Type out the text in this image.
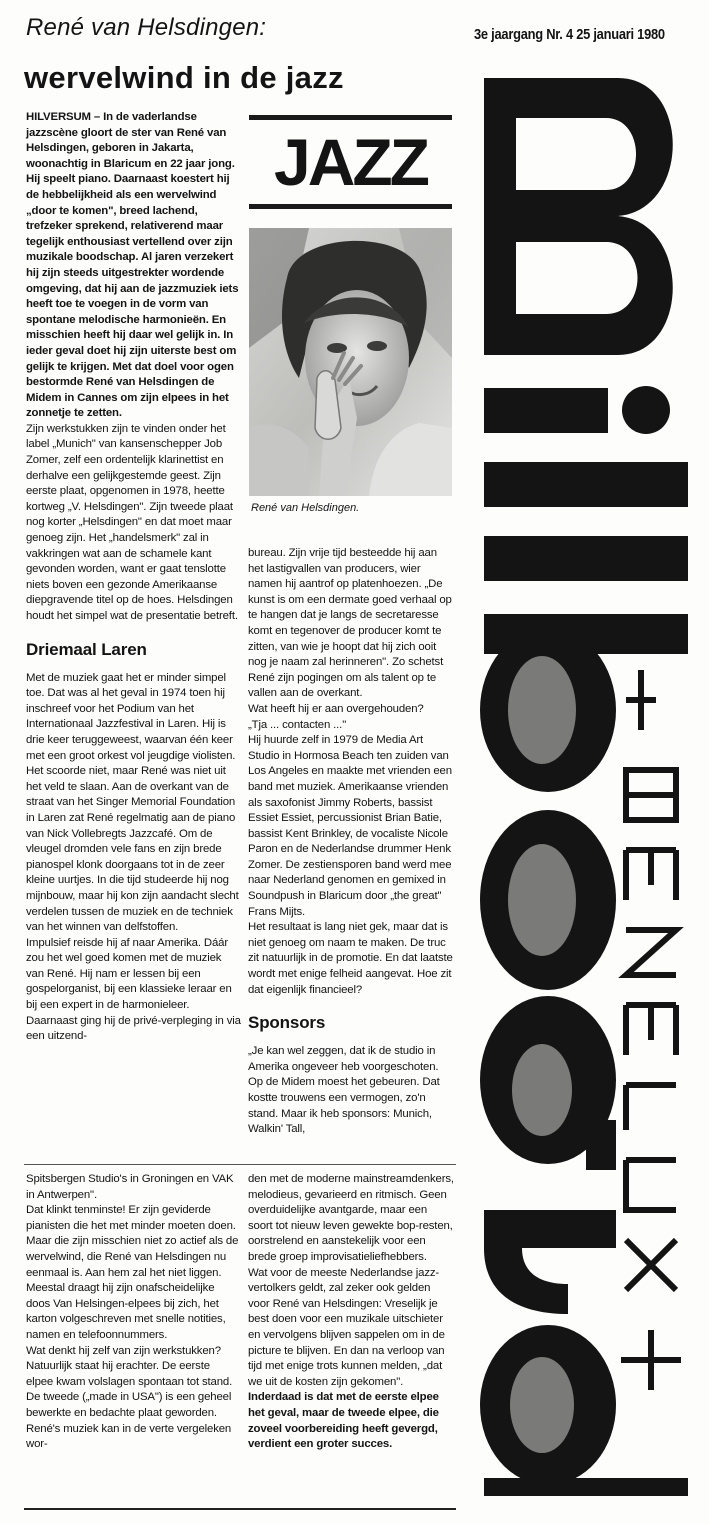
René van Helsdingen:	3e jaargang Nr. 4 25 januari 1980
wervelwind in de jazz

HILVERSUM – In de vaderlandse jazzscène gloort de ster van René van Helsdingen, geboren in Jakarta, woonachtig in Blaricum en 22 jaar jong. Hij speelt piano. Daarnaast koestert hij de hebbelijkheid als een wervelwind „door te komen", breed lachend, trefzeker sprekend, relativerend maar tegelijk enthousiast vertellend over zijn muzikale boodschap. Al jaren verzekert hij zijn steeds uitgestrekter wordende omgeving, dat hij aan de jazzmuziek iets heeft toe te voegen in de vorm van spontane melodische harmonieën. En misschien heeft hij daar wel gelijk in. In ieder geval doet hij zijn uiterste best om gelijk te krijgen. Met dat doel voor ogen bestormde René van Helsdingen de Midem in Cannes om zijn elpees in het zonnetje te zetten.

Zijn werkstukken zijn te vinden onder het label „Munich" van kansenschepper Job Zomer, zelf een ordentelijk klarinettist en derhalve een gelijkgestemde geest. Zijn eerste plaat, opgenomen in 1978, heette kortweg „V. Helsdingen". Zijn tweede plaat nog korter „Helsdingen" en dat moet maar genoeg zijn. Het „handelsmerk" zal in vakkringen wat aan de schamele kant gevonden worden, want er gaat tenslotte niets boven een gezonde Amerikaanse diepgravende titel op de hoes. Helsdingen houdt het simpel wat de presentatie betreft.

Driemaal Laren

Met de muziek gaat het er minder simpel toe. Dat was al het geval in 1974 toen hij inschreef voor het Podium van het Internationaal Jazzfestival in Laren. Hij is drie keer teruggeweest, waarvan één keer met een groot orkest vol jeugdige violisten. Het scoorde niet, maar René was niet uit het veld te slaan. Aan de overkant van de straat van het Singer Memorial Foundation in Laren zat René regelmatig aan de piano van Nick Vollebregts Jazzcafé. Om de vleugel dromden vele fans en zijn brede pianospel klonk doorgaans tot in de zeer kleine uurtjes. In die tijd studeerde hij nog mijnbouw, maar hij kon zijn aandacht slecht verdelen tussen de muziek en de techniek van het winnen van delfstoffen.

Impulsief reisde hij af naar Amerika. Dáár zou het wel goed komen met de muziek van René. Hij nam er lessen bij een gospelorganist, bij een klassieke leraar en bij een expert in de harmonieleer. Daarnaast ging hij de privé-verpleging in via een uitzend-

JAZZ
René van Helsdingen.

bureau. Zijn vrije tijd besteedde hij aan het lastigvallen van producers, wier namen hij aantrof op platenhoezen. „De kunst is om een dermate goed verhaal op te hangen dat je langs de secretaresse komt en tegenover de producer komt te zitten, van wie je hoopt dat hij zich ooit nog je naam zal herinneren". Zo schetst René zijn pogingen om als talent op te vallen aan de overkant.

Wat heeft hij er aan overgehouden?

„Tja ... contacten ..."

Hij huurde zelf in 1979 de Media Art Studio in Hormosa Beach ten zuiden van Los Angeles en maakte met vrienden een band met muziek. Amerikaanse vrienden als saxofonist Jimmy Roberts, bassist Essiet Essiet, percussionist Brian Batie, bassist Kent Brinkley, de vocaliste Nicole Paron en de Nederlandse drummer Henk Zomer. De zestiensporen band werd mee naar Nederland genomen en gemixed in Soundpush in Blaricum door „the great" Frans Mijts.

Het resultaat is lang niet gek, maar dat is niet genoeg om naam te maken. De truc zit natuurlijk in de promotie. En dat laatste wordt met enige felheid aangevat. Hoe zit dat eigenlijk financieel?

Sponsors

„Je kan wel zeggen, dat ik de studio in Amerika ongeveer heb voorgeschoten. Op de Midem moest het gebeuren. Dat kostte trouwens een vermogen, zo'n stand. Maar ik heb sponsors: Munich, Walkin' Tall,

Spitsbergen Studio's in Groningen en VAK in Antwerpen".

Dat klinkt tenminste! Er zijn geviderde pianisten die het met minder moeten doen. Maar die zijn misschien niet zo actief als de wervelwind, die René van Helsdingen nu eenmaal is. Aan hem zal het niet liggen. Meestal draagt hij zijn onafscheidelijke doos Van Helsingen-elpees bij zich, het karton volgeschreven met snelle notities, namen en telefoonnummers.

Wat denkt hij zelf van zijn werkstukken?

Natuurlijk staat hij erachter. De eerste elpee kwam volslagen spontaan tot stand. De tweede („made in USA") is een geheel bewerkte en bedachte plaat geworden. René's muziek kan in de verte vergeleken wor-

den met de moderne mainstreamdenkers, melodieus, gevarieerd en ritmisch. Geen overduidelijke avantgarde, maar een soort tot nieuw leven gewekte bop-resten, oorstrelend en aanstekelijk voor een brede groep improvisatieliefhebbers.

Wat voor de meeste Nederlandse jazz-vertolkers geldt, zal zeker ook gelden voor René van Helsdingen: Vreselijk je best doen voor een muzikale uitschieter en vervolgens blijven sappelen om in de picture te blijven. En dan na verloop van tijd met enige trots kunnen melden, „dat we uit de kosten zijn gekomen".

Inderdaad is dat met de eerste elpee het geval, maar de tweede elpee, die zoveel voorbereiding heeft gevergd, verdient een groter succes.
